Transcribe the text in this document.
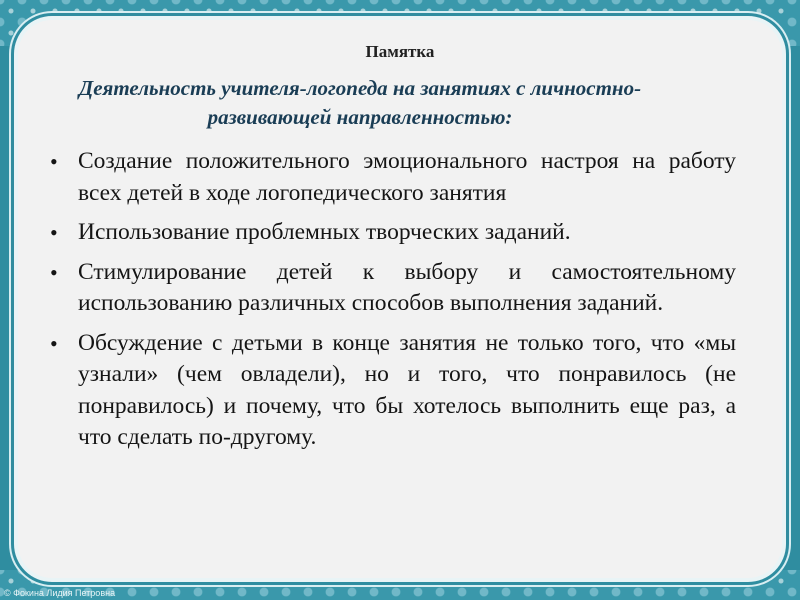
Памятка
Деятельность учителя-логопеда на занятиях с личностно-развивающей направленностью:
• Создание положительного эмоционального настроя на работу всех детей в ходе логопедического занятия
• Использование проблемных творческих заданий.
• Стимулирование детей к выбору и самостоятельному использованию различных способов выполнения заданий.
• Обсуждение с детьми в конце занятия не только того, что «мы узнали» (чем овладели), но и того, что понравилось (не понравилось) и почему, что бы хотелось выполнить еще раз, а что сделать по-другому.
© Фокина Лидия Петровна
